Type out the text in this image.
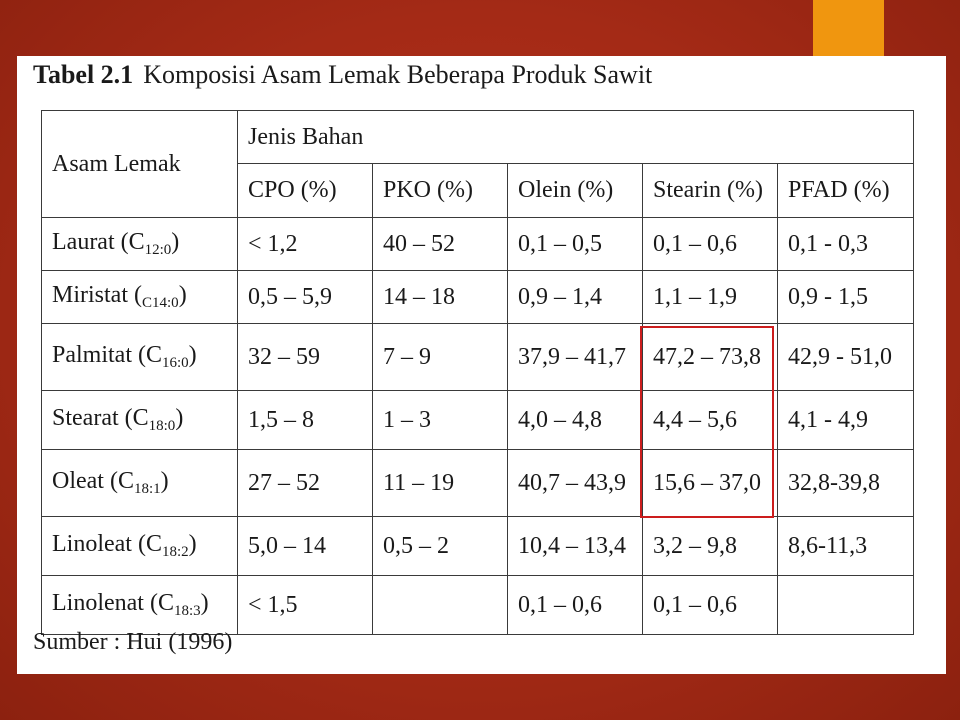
Tabel 2.1 Komposisi Asam Lemak Beberapa Produk Sawit
Asam Lemak	Jenis Bahan				
	CPO (%)	PKO (%)	Olein (%)	Stearin (%)	PFAD (%)
Laurat $(C_{12:0})$	< 1,2	40 – 52	0,1 – 0,5	0,1 – 0,6	0,1 - 0,3
Miristat $(_{C14:0})$	0,5 – 5,9	14 – 18	0,9 – 1,4	1,1 – 1,9	0,9 - 1,5
Palmitat $(C_{16:0})$	32 – 59	7 – 9	37,9 – 41,7	47,2 – 73,8	42,9 - 51,0
Stearat $(C_{18:0})$	1,5 – 8	1 – 3	4,0 – 4,8	4,4 – 5,6	4,1 - 4,9
Oleat $(C_{18:1})$	27 – 52	11 – 19	40,7 – 43,9	15,6 – 37,0	32,8-39,8
Linoleat $(C_{18:2})$	5,0 – 14	0,5 – 2	10,4 – 13,4	3,2 – 9,8	8,6-11,3
Linolenat $(C_{18:3})$	< 1,5		0,1 – 0,6	0,1 – 0,6	
Sumber : Hui (1996)
